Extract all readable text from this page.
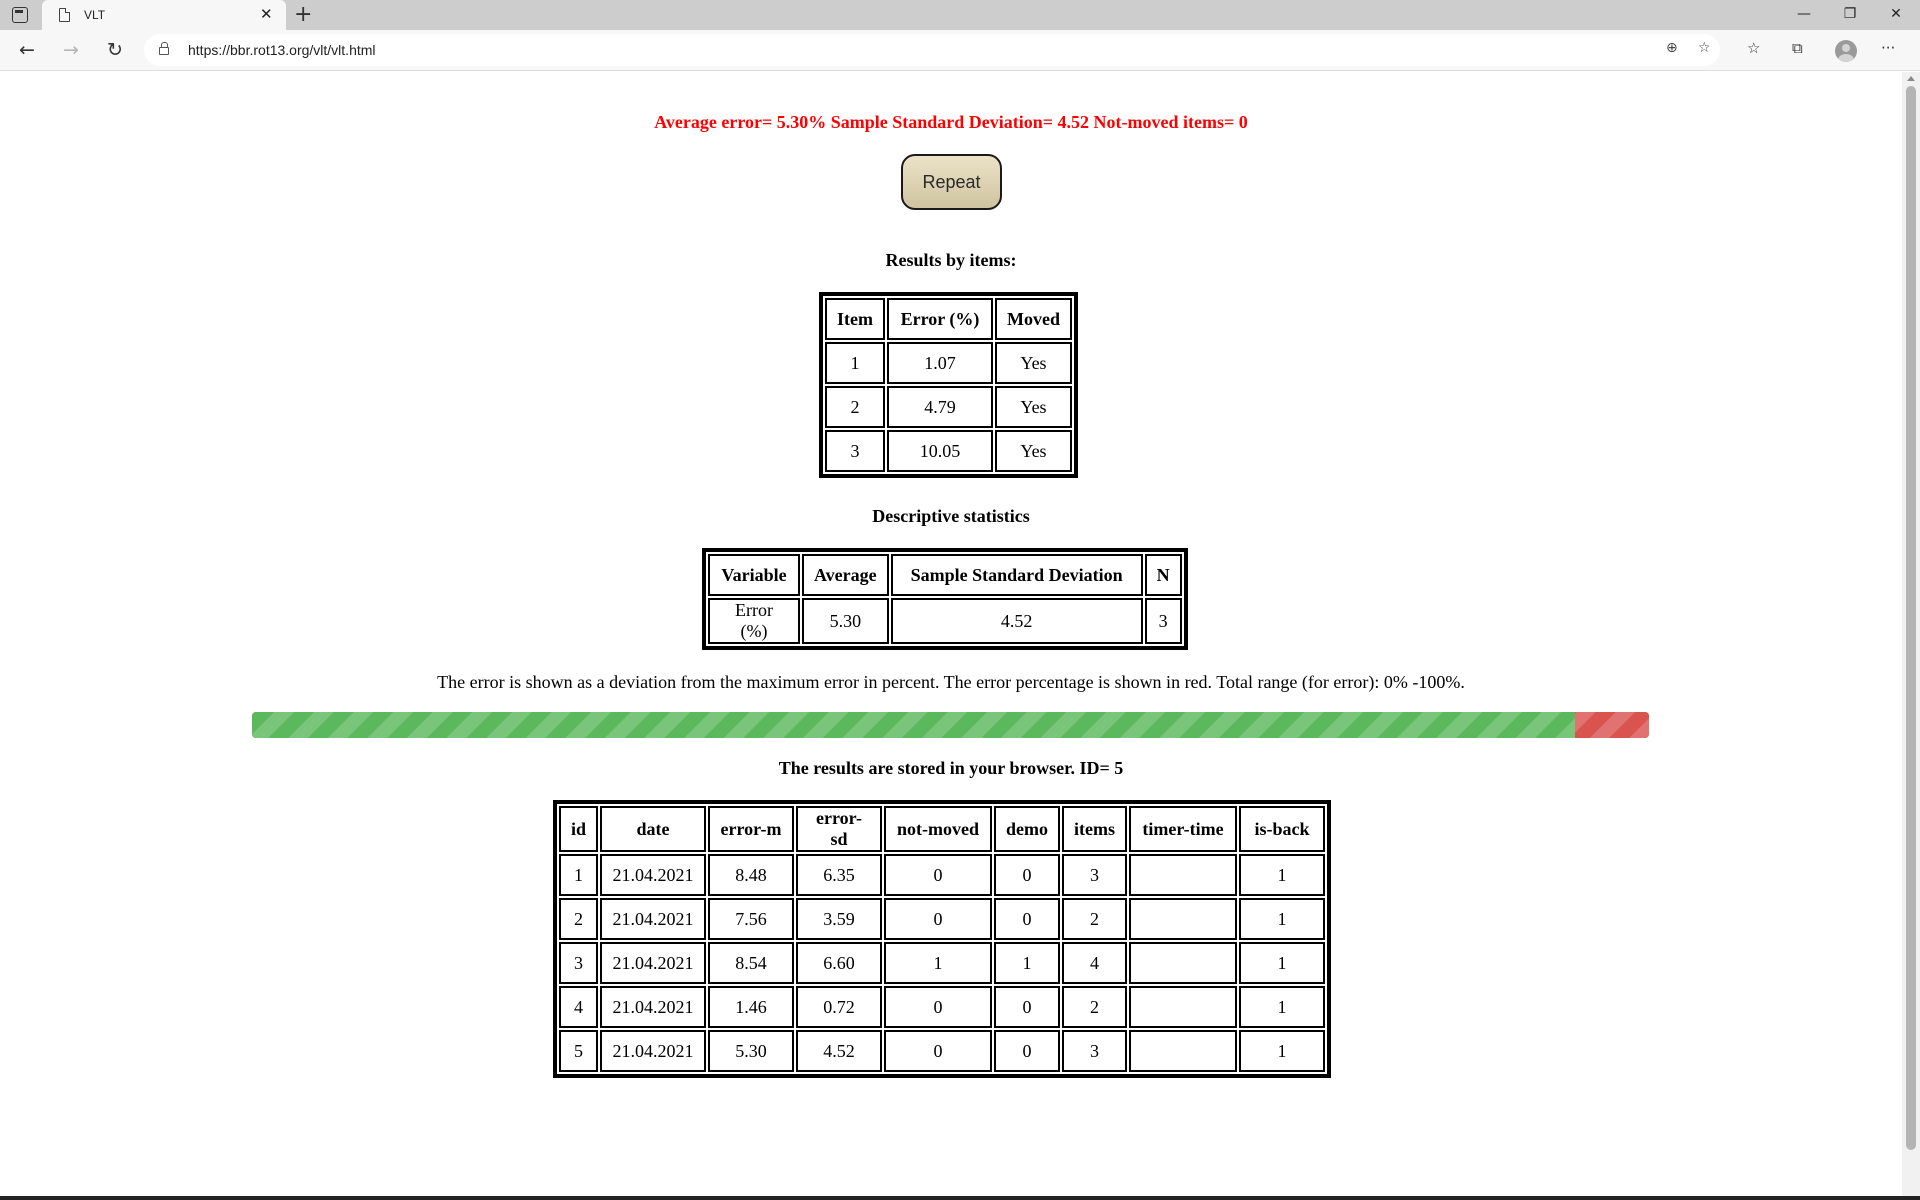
VLT	✕ +	—	❐	✕
←	→	↻	https://bbr.rot13.org/vlt/vlt.html	⊕ ☆ ☆ ⧉	···
Average error= 5.30% Sample Standard Deviation= 4.52 Not-moved items= 0
Repeat
Results by items:
Item	Error (%)	Moved
1	1.07	Yes
2	4.79	Yes
3	10.05	Yes
Descriptive statistics
Variable	Average	Sample Standard Deviation	N
Error (%)	5.30	4.52	3
The error is shown as a deviation from the maximum error in percent. The error percentage is shown in red. Total range (for error): 0% -100%.
The results are stored in your browser. ID= 5
id	date	error-m	error-sd	not-moved	demo	items	timer-time	is-back
1	21.04.2021	8.48	6.35	0	0	3		1
2	21.04.2021	7.56	3.59	0	0	2		1
3	21.04.2021	8.54	6.60	1	1	4		1
4	21.04.2021	1.46	0.72	0	0	2		1
5	21.04.2021	5.30	4.52	0	0	3		1
